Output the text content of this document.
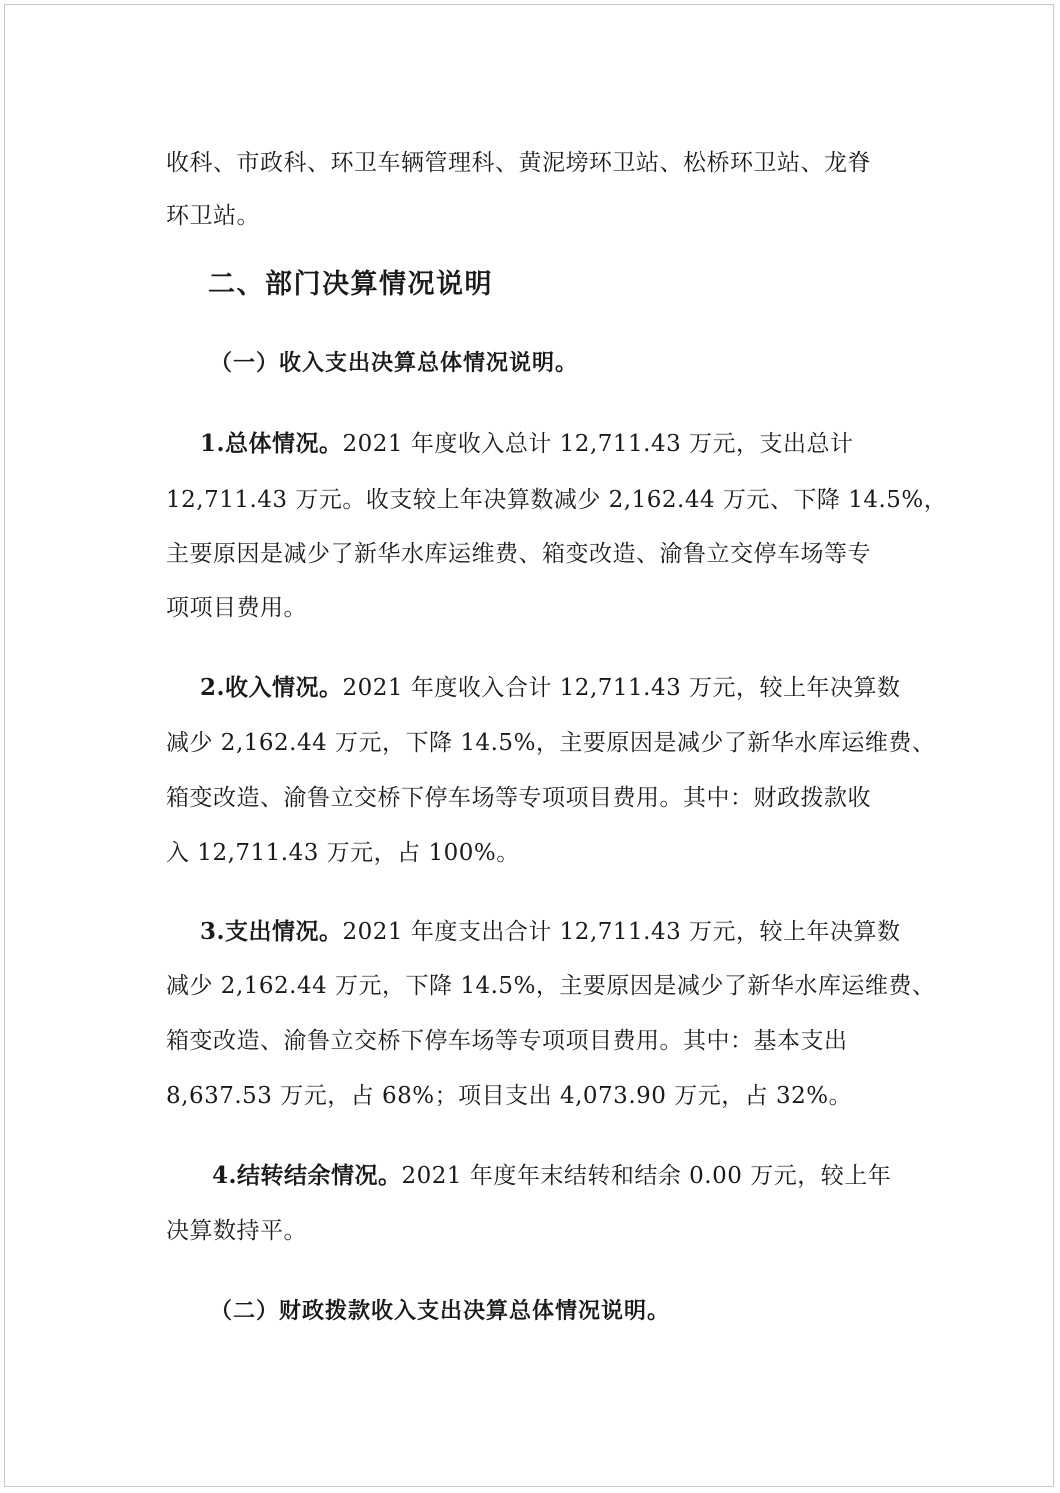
收科、市政科、环卫车辆管理科、黄泥塝环卫站、松桥环卫站、龙脊
环卫站。
二、部门决算情况说明
（一）收入支出决算总体情况说明。
1.总体情况。2021 年度收入总计 12,711.43 万元，支出总计
12,711.43 万元。收支较上年决算数减少 2,162.44 万元、下降 14.5%，
主要原因是减少了新华水库运维费、箱变改造、渝鲁立交停车场等专
项项目费用。
2.收入情况。2021 年度收入合计 12,711.43 万元，较上年决算数
减少 2,162.44 万元，下降 14.5%，主要原因是减少了新华水库运维费、
箱变改造、渝鲁立交桥下停车场等专项项目费用。其中：财政拨款收
入 12,711.43 万元，占 100%。
3.支出情况。2021 年度支出合计 12,711.43 万元，较上年决算数
减少 2,162.44 万元，下降 14.5%，主要原因是减少了新华水库运维费、
箱变改造、渝鲁立交桥下停车场等专项项目费用。其中：基本支出
8,637.53 万元，占 68%；项目支出 4,073.90 万元，占 32%。
4.结转结余情况。2021 年度年末结转和结余 0.00 万元，较上年
决算数持平。
（二）财政拨款收入支出决算总体情况说明。
